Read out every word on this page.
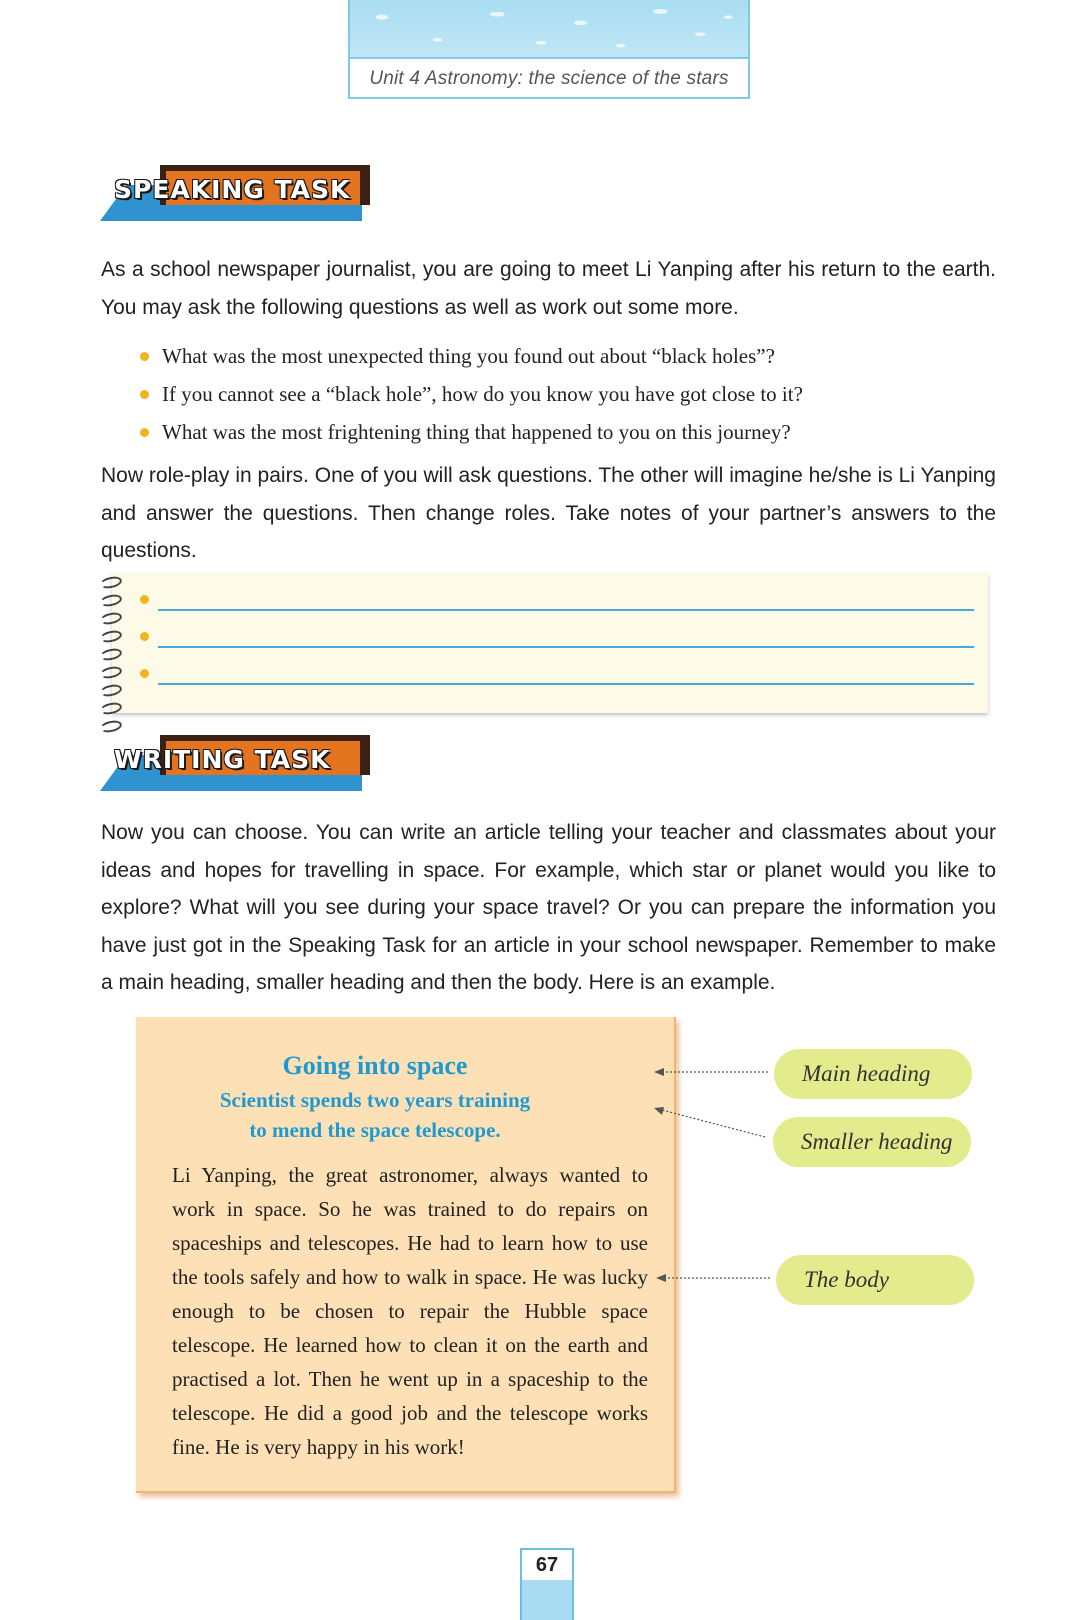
Unit 4 Astronomy: the science of the stars
SPEAKING TASK

As a school newspaper journalist, you are going to meet Li Yanping after his return to the earth. You may ask the following questions as well as work out some more.

What was the most unexpected thing you found out about “black holes”?
If you cannot see a “black hole”, how do you know you have got close to it?
What was the most frightening thing that happened to you on this journey?

Now role-play in pairs. One of you will ask questions. The other will imagine he/she is Li Yanping and answer the questions. Then change roles. Take notes of your partner’s answers to the questions.

WRITING TASK

Now you can choose. You can write an article telling your teacher and classmates about your ideas and hopes for travelling in space. For example, which star or planet would you like to explore? What will you see during your space travel? Or you can prepare the information you have just got in the Speaking Task for an article in your school newspaper. Remember to make a main heading, smaller heading and then the body. Here is an example.

Going into space
Scientist spends two years training
to mend the space telescope.

Li Yanping, the great astronomer, always wanted to work in space. So he was trained to do repairs on spaceships and telescopes. He had to learn how to use the tools safely and how to walk in space. He was lucky enough to be chosen to repair the Hubble space telescope. He learned how to clean it on the earth and practised a lot. Then he went up in a spaceship to the telescope. He did a good job and the telescope works fine. He is very happy in his work!

Main heading
Smaller heading
The body
67
